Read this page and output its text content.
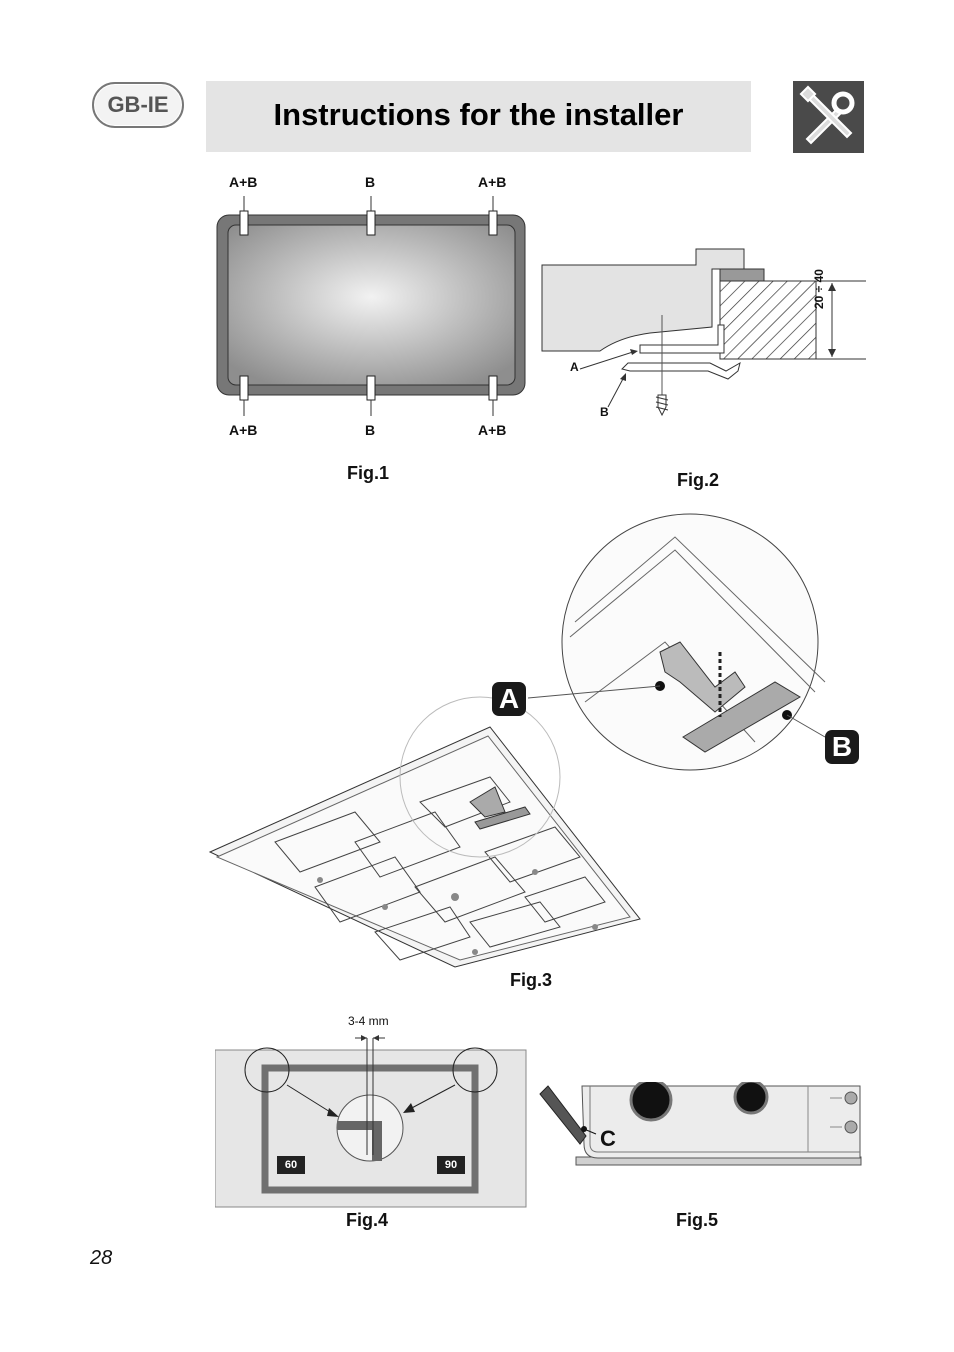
GB-IE	Instructions for the installer
A+B	B	A+B
A+B	B	A+B
Fig.1
A
B
20 ÷ 40
Fig.2
A
B
Fig.3
3-4 mm
60	90
Fig.4
C
Fig.5
28
